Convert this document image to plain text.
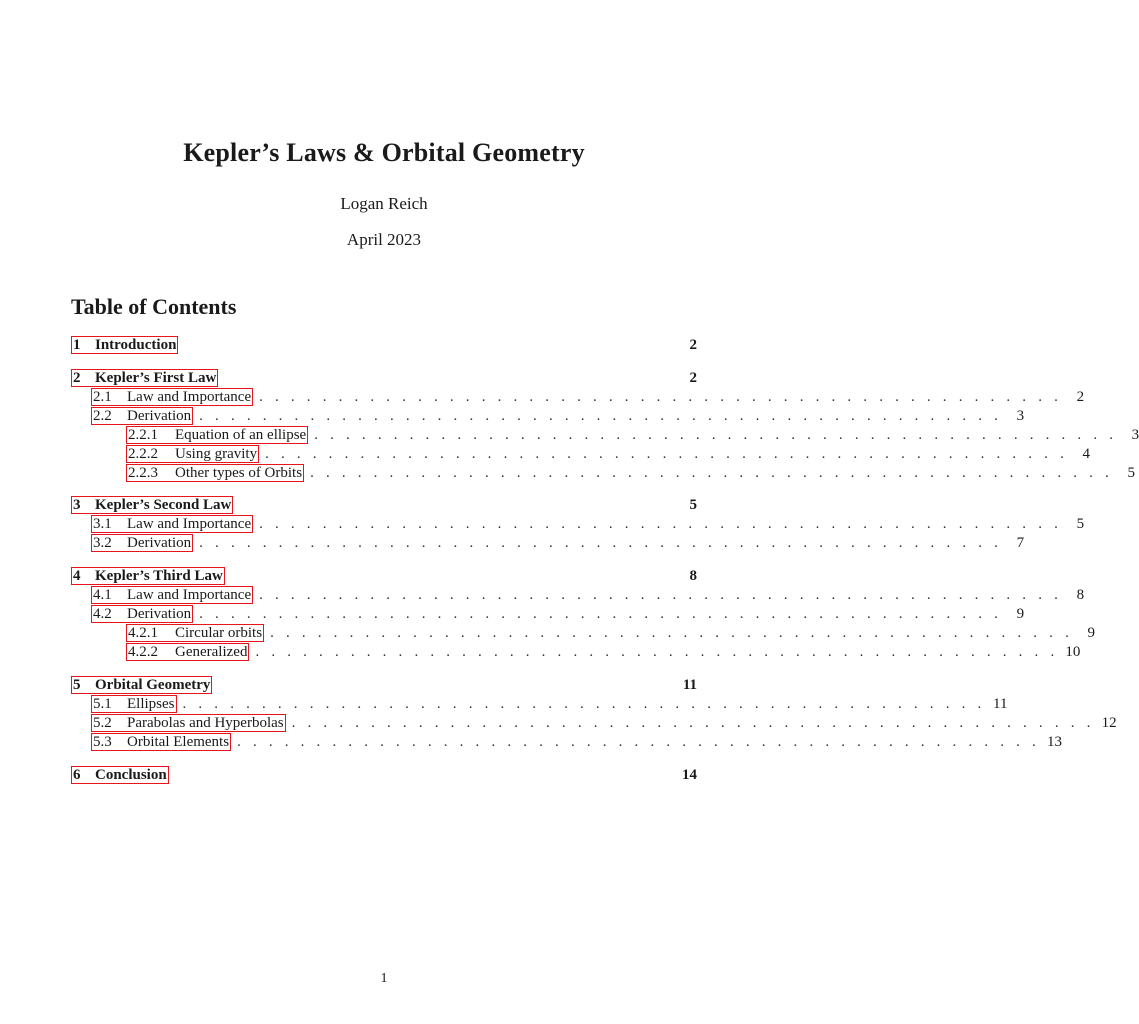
Kepler’s Laws & Orbital Geometry
Logan Reich
April 2023
Table of Contents
1 Introduction	2
2 Kepler’s First Law	2
2.1	Law and Importance . . . . . . . . . . . . . . . . . . . . . . . . . . . . . . . . . . . . . . . . . . . . . . . . . . . 2
2.2	Derivation . . . . . . . . . . . . . . . . . . . . . . . . . . . . . . . . . . . . . . . . . . . . . . . . . . . 3
2.2.1	Equation of an ellipse . . . . . . . . . . . . . . . . . . . . . . . . . . . . . . . . . . . . . . . . . . . . . . . . . . . 3
2.2.2	Using gravity . . . . . . . . . . . . . . . . . . . . . . . . . . . . . . . . . . . . . . . . . . . . . . . . . . . 4
2.2.3	Other types of Orbits . . . . . . . . . . . . . . . . . . . . . . . . . . . . . . . . . . . . . . . . . . . . . . . . . . . 5
3 Kepler’s Second Law	5
3.1	Law and Importance . . . . . . . . . . . . . . . . . . . . . . . . . . . . . . . . . . . . . . . . . . . . . . . . . . . 5
3.2	Derivation . . . . . . . . . . . . . . . . . . . . . . . . . . . . . . . . . . . . . . . . . . . . . . . . . . . 7
4 Kepler’s Third Law	8
4.1	Law and Importance . . . . . . . . . . . . . . . . . . . . . . . . . . . . . . . . . . . . . . . . . . . . . . . . . . . 8
4.2	Derivation . . . . . . . . . . . . . . . . . . . . . . . . . . . . . . . . . . . . . . . . . . . . . . . . . . . 9
4.2.1	Circular orbits . . . . . . . . . . . . . . . . . . . . . . . . . . . . . . . . . . . . . . . . . . . . . . . . . . . 9
4.2.2	Generalized . . . . . . . . . . . . . . . . . . . . . . . . . . . . . . . . . . . . . . . . . . . . . . . . . . . 10
5 Orbital Geometry	11
5.1	Ellipses . . . . . . . . . . . . . . . . . . . . . . . . . . . . . . . . . . . . . . . . . . . . . . . . . . . 11
5.2	Parabolas and Hyperbolas . . . . . . . . . . . . . . . . . . . . . . . . . . . . . . . . . . . . . . . . . . . . . . . . . . . 12
5.3	Orbital Elements . . . . . . . . . . . . . . . . . . . . . . . . . . . . . . . . . . . . . . . . . . . . . . . . . . . 13
6 Conclusion	14
1
